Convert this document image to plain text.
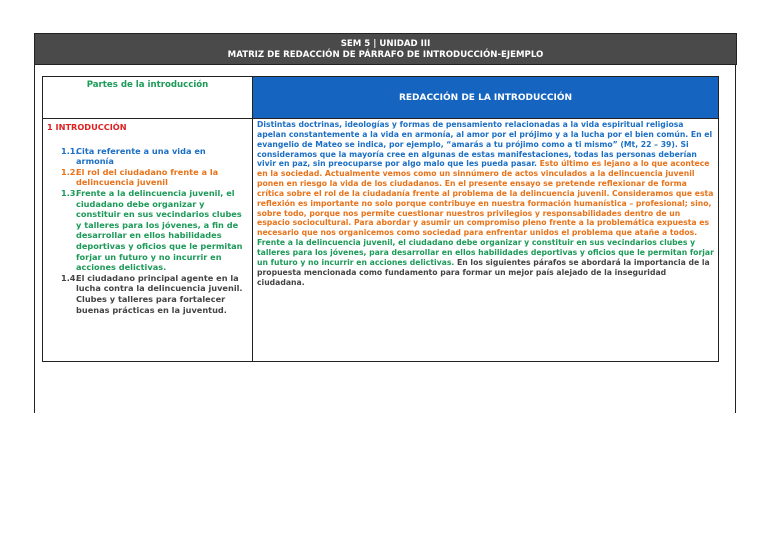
SEM 5 | UNIDAD III
MATRIZ DE REDACCIÓN DE PÁRRAFO DE INTRODUCCIÓN-EJEMPLO
Partes de la introducción
REDACCIÓN DE LA INTRODUCCIÓN
1 INTRODUCCIÓN
1.1.
Cita referente a una vida en armonía
1.2.
El rol del ciudadano frente a la delincuencia juvenil
1.3.
Frente a la delincuencia juvenil, el ciudadano debe organizar y constituir en sus vecindarios clubes y talleres para los jóvenes, a fin de desarrollar en ellos habilidades deportivas y oficios que le permitan forjar un futuro y no incurrir en acciones delictivas.
1.4.
El ciudadano principal agente en la lucha contra la delincuencia juvenil. Clubes y talleres para fortalecer buenas prácticas en la juventud.
Distintas doctrinas, ideologías y formas de pensamiento relacionadas a la vida espiritual religiosa apelan constantemente a la vida en armonía, al amor por el prójimo y a la lucha por el bien común. En el evangelio de Mateo se indica, por ejemplo, “amarás a tu prójimo como a ti mismo” (Mt, 22 – 39). Si consideramos que la mayoría cree en algunas de estas manifestaciones, todas las personas deberían vivir en paz, sin preocuparse por algo malo que les pueda pasar. Esto último es lejano a lo que acontece en la sociedad. Actualmente vemos como un sinnúmero de actos vinculados a la delincuencia juvenil ponen en riesgo la vida de los ciudadanos. En el presente ensayo se pretende reflexionar de forma crítica sobre el rol de la ciudadanía frente al problema de la delincuencia juvenil. Consideramos que esta reflexión es importante no solo porque contribuye en nuestra formación humanística – profesional; sino, sobre todo, porque nos permite cuestionar nuestros privilegios y responsabilidades dentro de un espacio sociocultural. Para abordar y asumir un compromiso pleno frente a la problemática expuesta es necesario que nos organicemos como sociedad para enfrentar unidos el problema que atañe a todos. Frente a la delincuencia juvenil, el ciudadano debe organizar y constituir en sus vecindarios clubes y talleres para los jóvenes, para desarrollar en ellos habilidades deportivas y oficios que le permitan forjar un futuro y no incurrir en acciones delictivas. En los siguientes párafos se abordará la importancia de la propuesta mencionada como fundamento para formar un mejor país alejado de la inseguridad ciudadana.
